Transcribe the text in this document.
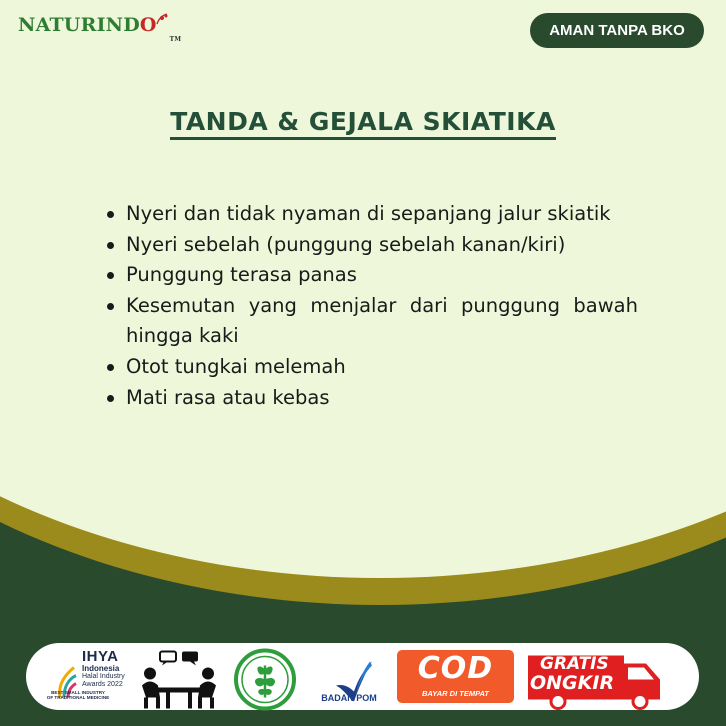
NATURIND O
TM
AMAN TANPA BKO
TANDA & GEJALA SKIATIKA
Nyeri dan tidak nyaman di sepanjang jalur skiatik
Nyeri sebelah (punggung sebelah kanan/kiri)
Punggung terasa panas
Kesemutan yang menjalar dari punggung bawah hingga kaki
Otot tungkai melemah
Mati rasa atau kebas
IHYA
Indonesia
Halal Industry
Awards 2022
BEST SMALL INDUSTRY
OF TRADITIONAL MEDICINE	BADAN POM
COD
BAYAR DI TEMPAT
GRATIS
ONGKIR
